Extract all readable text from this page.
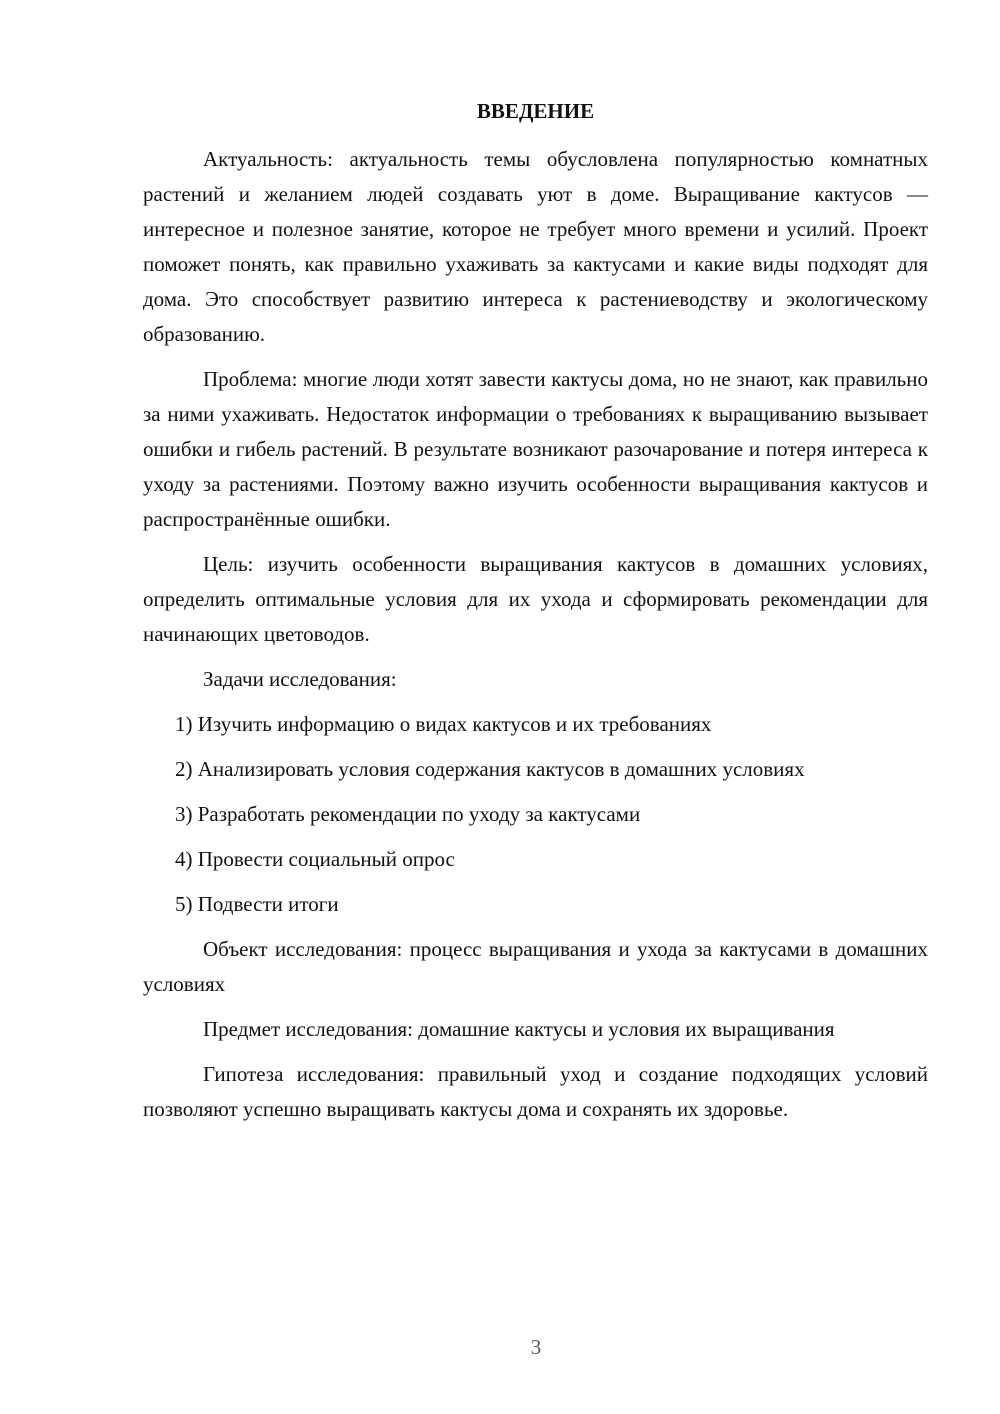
ВВЕДЕНИЕ

Актуальность: актуальность темы обусловлена популярностью комнатных растений и желанием людей создавать уют в доме. Выращивание кактусов — интересное и полезное занятие, которое не требует много времени и усилий. Проект поможет понять, как правильно ухаживать за кактусами и какие виды подходят для дома. Это способствует развитию интереса к растениеводству и экологическому образованию.

Проблема: многие люди хотят завести кактусы дома, но не знают, как правильно за ними ухаживать. Недостаток информации о требованиях к выращиванию вызывает ошибки и гибель растений. В результате возникают разочарование и потеря интереса к уходу за растениями. Поэтому важно изучить особенности выращивания кактусов и распространённые ошибки.

Цель: изучить особенности выращивания кактусов в домашних условиях, определить оптимальные условия для их ухода и сформировать рекомендации для начинающих цветоводов.

Задачи исследования:

1) Изучить информацию о видах кактусов и их требованиях
2) Анализировать условия содержания кактусов в домашних условиях
3) Разработать рекомендации по уходу за кактусами
4) Провести социальный опрос
5) Подвести итоги

Объект исследования: процесс выращивания и ухода за кактусами в домашних условиях

Предмет исследования: домашние кактусы и условия их выращивания

Гипотеза исследования: правильный уход и создание подходящих условий позволяют успешно выращивать кактусы дома и сохранять их здоровье.

3
